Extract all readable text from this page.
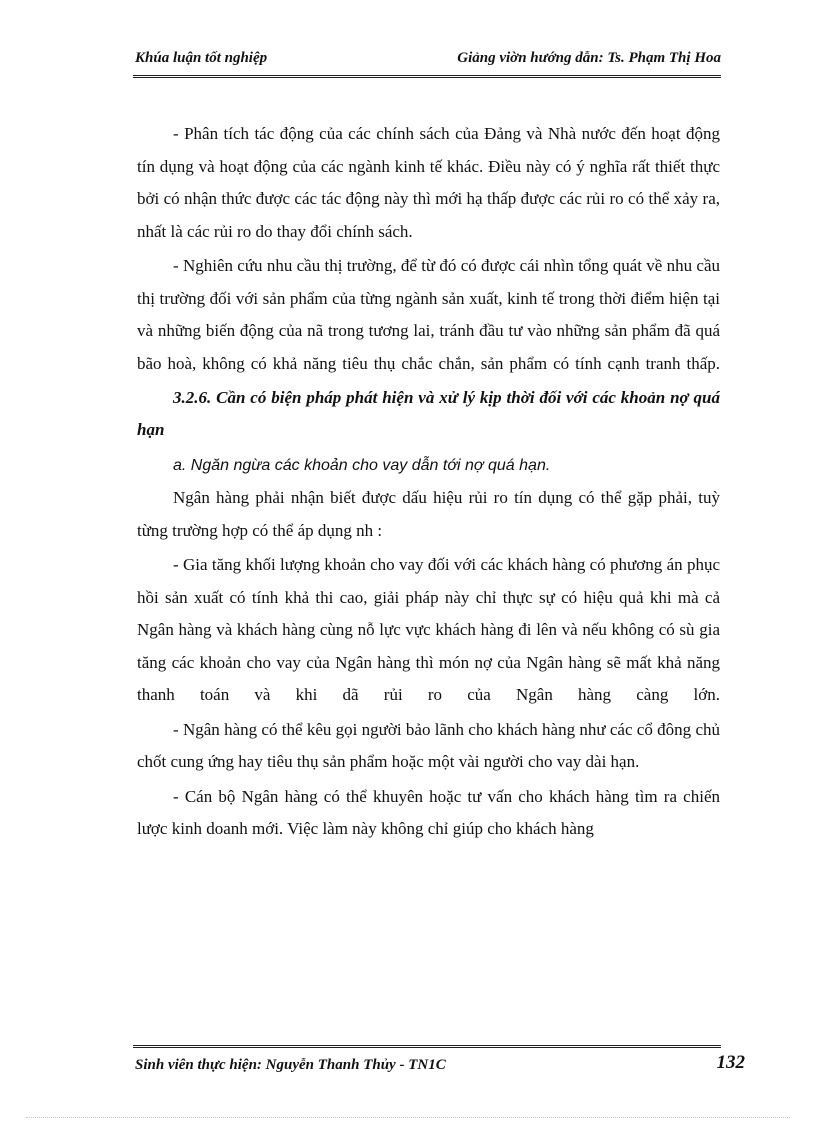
Khúa luận tốt nghiệp	Giảng viờn hướng dẫn: Ts. Phạm Thị Hoa

- Phân tích tác động của các chính sách của Đảng và Nhà nước đến hoạt động tín dụng và hoạt động của các ngành kinh tế khác. Điều này có ý nghĩa rất thiết thực bởi có nhận thức được các tác động này thì mới hạ thấp được các rủi ro có thể xảy ra, nhất là các rủi ro do thay đổi chính sách.

- Nghiên cứu nhu cầu thị trường, để từ đó có được cái nhìn tổng quát về nhu cầu thị trường đối với sản phẩm của từng ngành sản xuất, kinh tế trong thời điểm hiện tại và những biến động của nã trong tương lai, tránh đầu tư vào những sản phẩm đã quá bão hoà, không có khả năng tiêu thụ chắc chắn, sản phẩm có tính cạnh tranh thấp.

3.2.6. Cần có biện pháp phát hiện và xử lý kịp thời đối với các khoản nợ quá hạn

a. Ngăn ngừa các khoản cho vay dẫn tới nợ quá hạn.

Ngân hàng phải nhận biết được dấu hiệu rủi ro tín dụng có thể gặp phải, tuỳ từng trường hợp có thể áp dụng nh :

- Gia tăng khối lượng khoản cho vay đối với các khách hàng có phương án phục hồi sản xuất có tính khả thi cao, giải pháp này chỉ thực sự có hiệu quả khi mà cả Ngân hàng và khách hàng cùng nỗ lực vực khách hàng đi lên và nếu không có sù gia tăng các khoản cho vay của Ngân hàng thì món nợ của Ngân hàng sẽ mất khả năng thanh toán và khi dã rủi ro của Ngân hàng càng lớn.

- Ngân hàng có thể kêu gọi người bảo lãnh cho khách hàng như các cổ đông chủ chốt cung ứng hay tiêu thụ sản phẩm hoặc một vài người cho vay dài hạn.

- Cán bộ Ngân hàng có thể khuyên hoặc tư vấn cho khách hàng tìm ra chiến lược kinh doanh mới. Việc làm này không chỉ giúp cho khách hàng

Sinh viên thực hiện: Nguyễn Thanh Thủy - TN1C	132
